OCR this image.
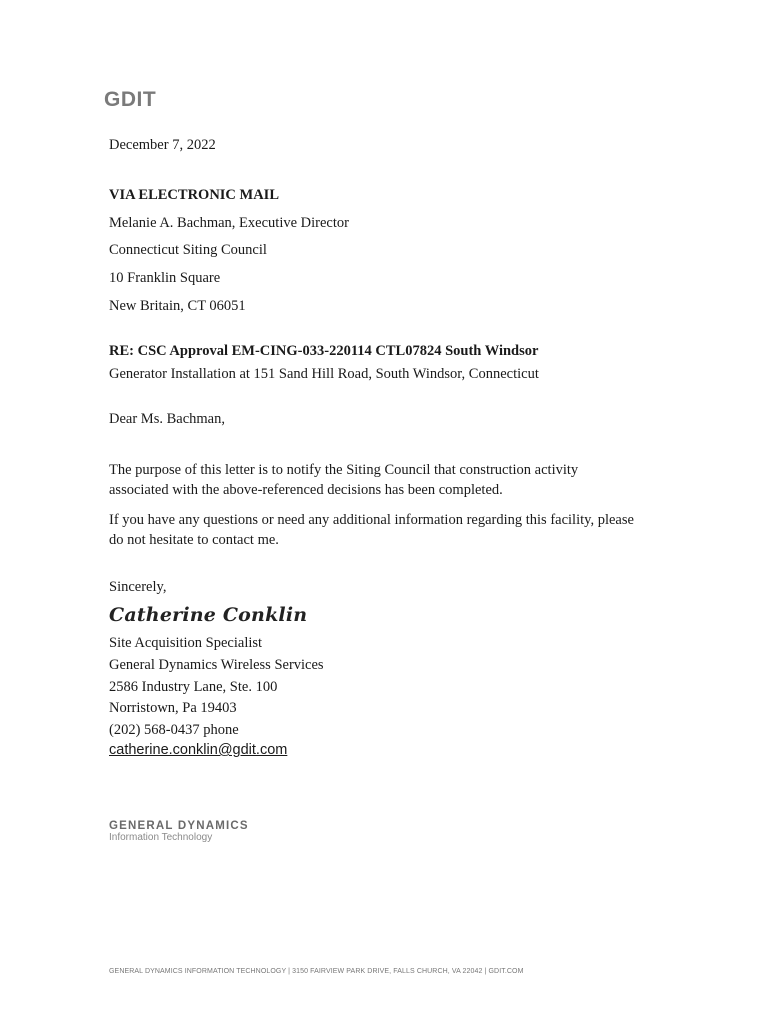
GDIT
December 7, 2022
VIA ELECTRONIC MAIL
Melanie A. Bachman, Executive Director
Connecticut Siting Council
10 Franklin Square
New Britain, CT 06051
RE: CSC Approval EM-CING-033-220114 CTL07824 South Windsor
Generator Installation at 151 Sand Hill Road, South Windsor, Connecticut
Dear Ms. Bachman,
The purpose of this letter is to notify the Siting Council that construction activity
associated with the above-referenced decisions has been completed.
If you have any questions or need any additional information regarding this facility, please
do not hesitate to contact me.
Sincerely,
Catherine Conklin
Site Acquisition Specialist
General Dynamics Wireless Services
2586 Industry Lane, Ste. 100
Norristown, Pa 19403
(202) 568-0437 phone
catherine.conklin@gdit.com
GENERAL DYNAMICS
Information Technology
GENERAL DYNAMICS INFORMATION TECHNOLOGY | 3150 FAIRVIEW PARK DRIVE, FALLS CHURCH, VA 22042 | GDIT.COM
